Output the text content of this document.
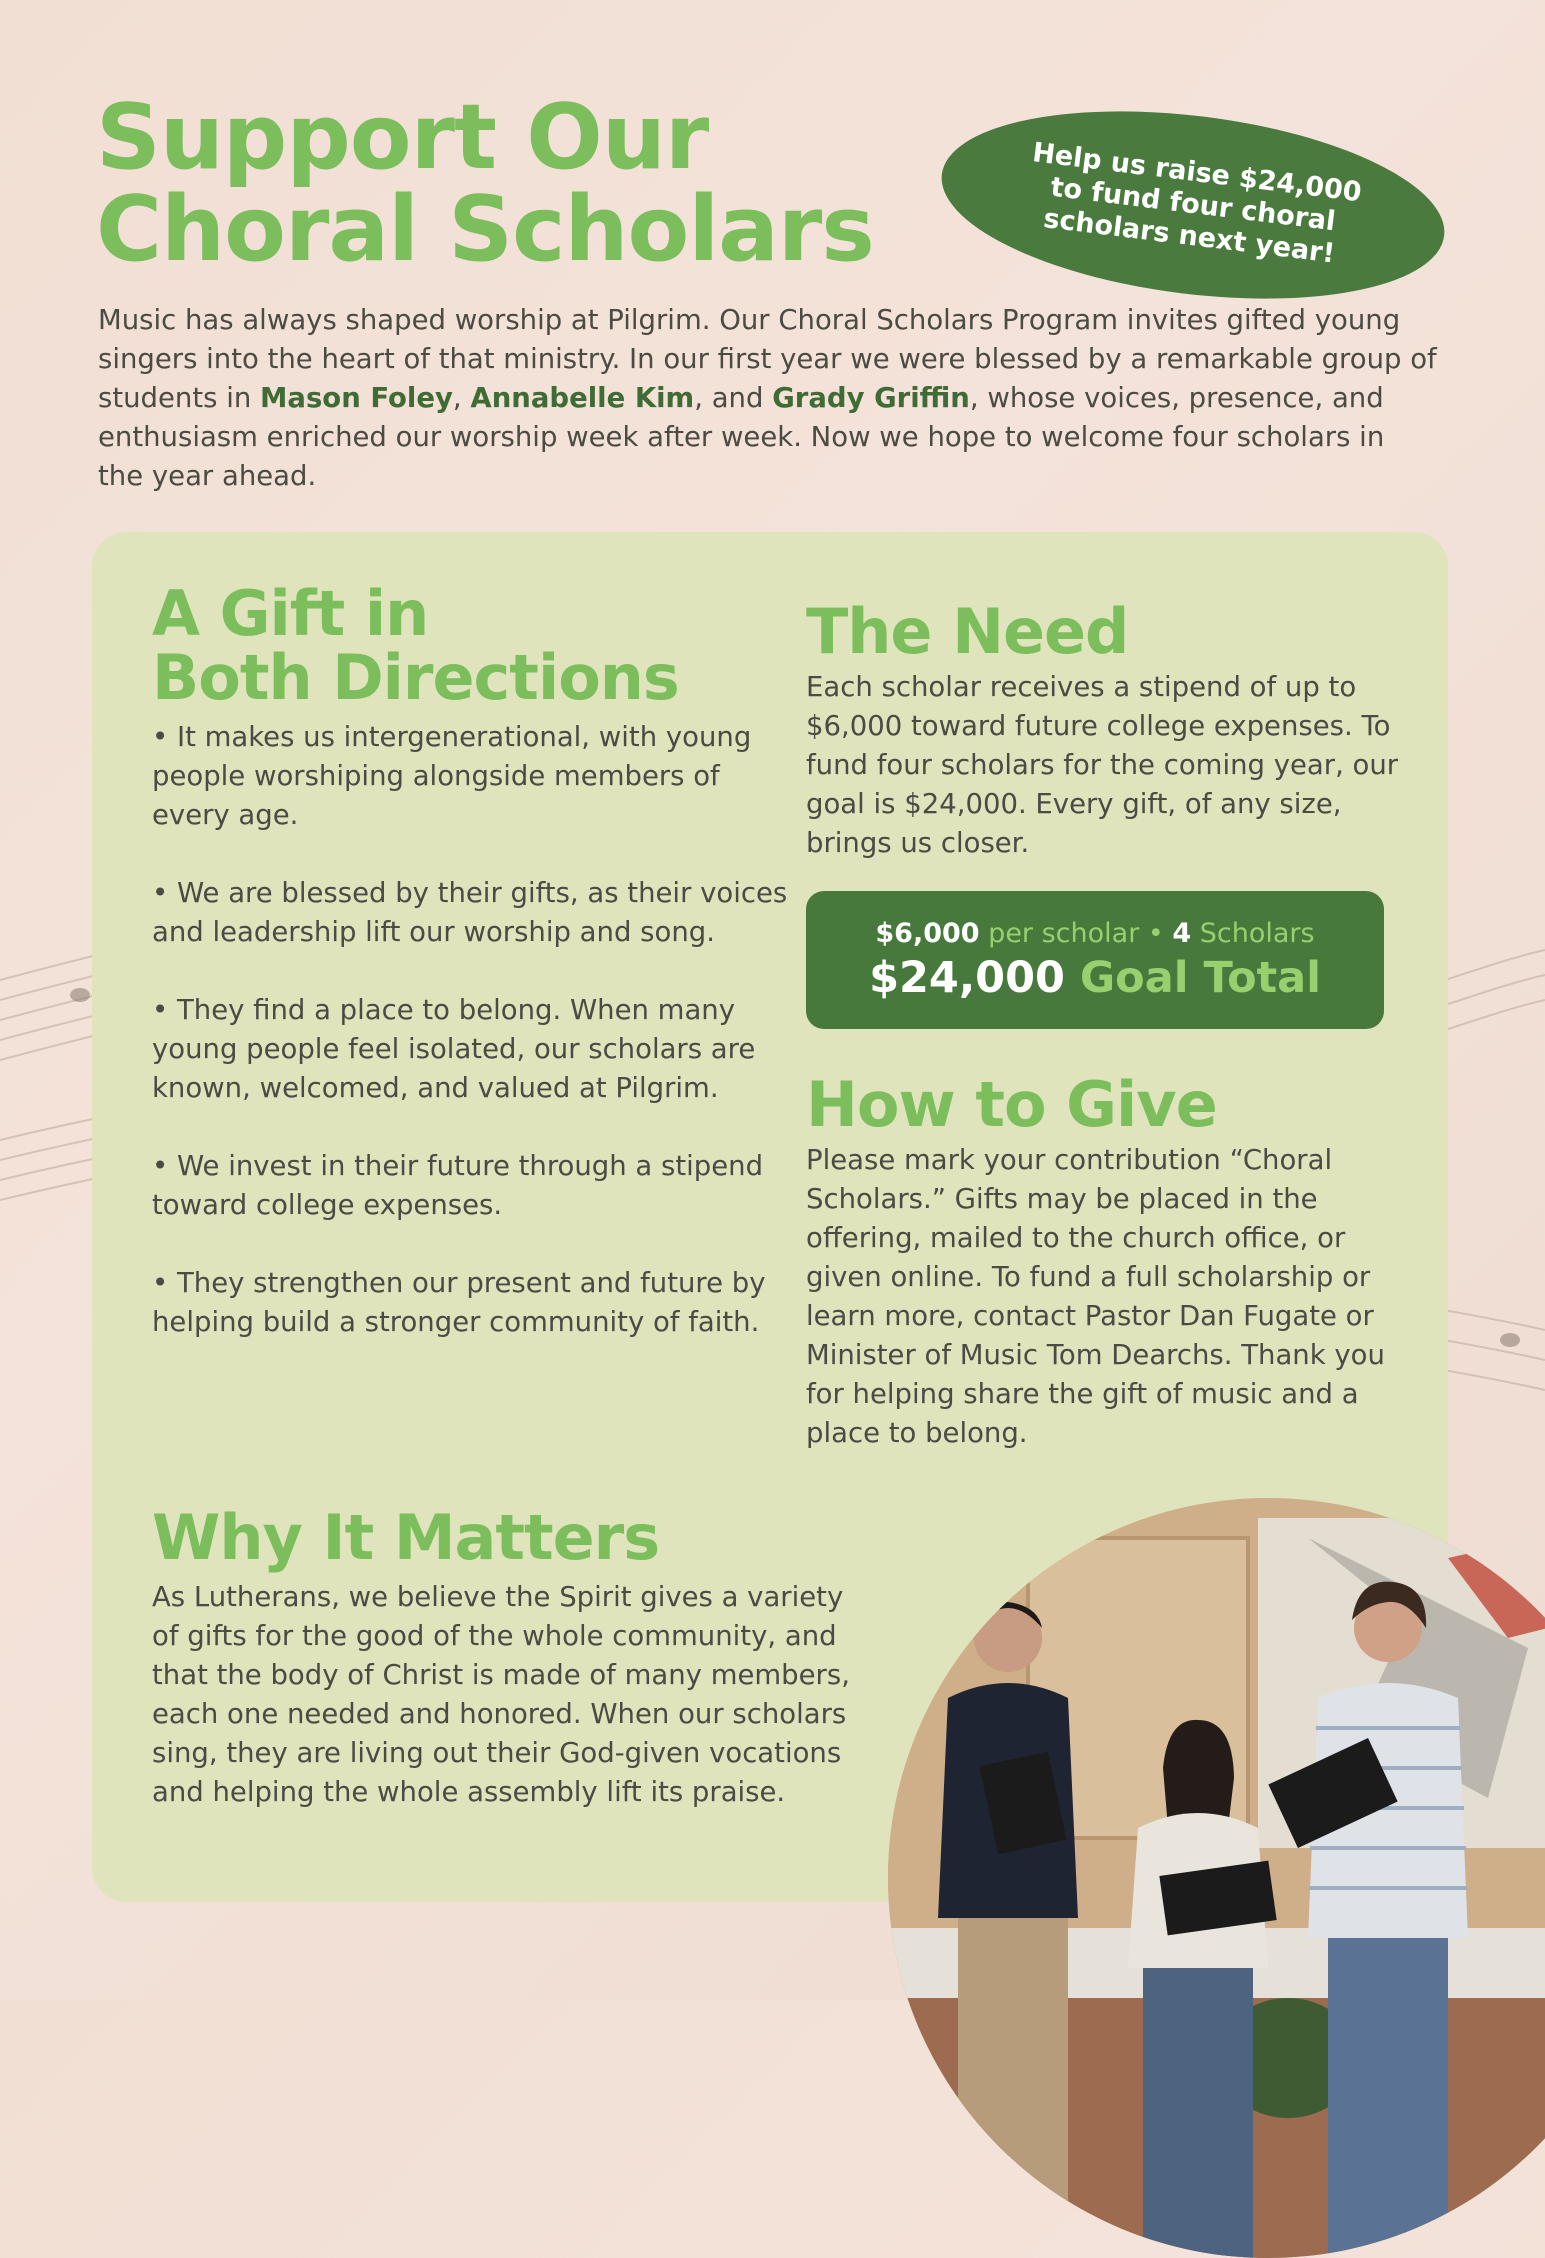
Support Our
Choral Scholars
Help us raise $24,000 to fund four choral scholars next year!

Music has always shaped worship at Pilgrim. Our Choral Scholars Program invites gifted young singers into the heart of that ministry. In our first year we were blessed by a remarkable group of students in Mason Foley, Annabelle Kim, and Grady Griffin, whose voices, presence, and enthusiasm enriched our worship week after week. Now we hope to welcome four scholars in the year ahead.

A Gift in
Both Directions
• It makes us intergenerational, with young people worshiping alongside members of every age.
• We are blessed by their gifts, as their voices and leadership lift our worship and song.
• They find a place to belong. When many young people feel isolated, our scholars are known, welcomed, and valued at Pilgrim.
• We invest in their future through a stipend toward college expenses.
• They strengthen our present and future by helping build a stronger community of faith.
Why It Matters

As Lutherans, we believe the Spirit gives a variety of gifts for the good of the whole community, and that the body of Christ is made of many members, each one needed and honored. When our scholars sing, they are living out their God-given vocations and helping the whole assembly lift its praise.

The Need

Each scholar receives a stipend of up to $6,000 toward future college expenses. To fund four scholars for the coming year, our goal is $24,000. Every gift, of any size, brings us closer.

$6,000 per scholar • 4 Scholars
$24,000 Goal Total
How to Give

Please mark your contribution “Choral Scholars.” Gifts may be placed in the offering, mailed to the church office, or given online. To fund a full scholarship or learn more, contact Pastor Dan Fugate or Minister of Music Tom Dearchs. Thank you for helping share the gift of music and a place to belong.
